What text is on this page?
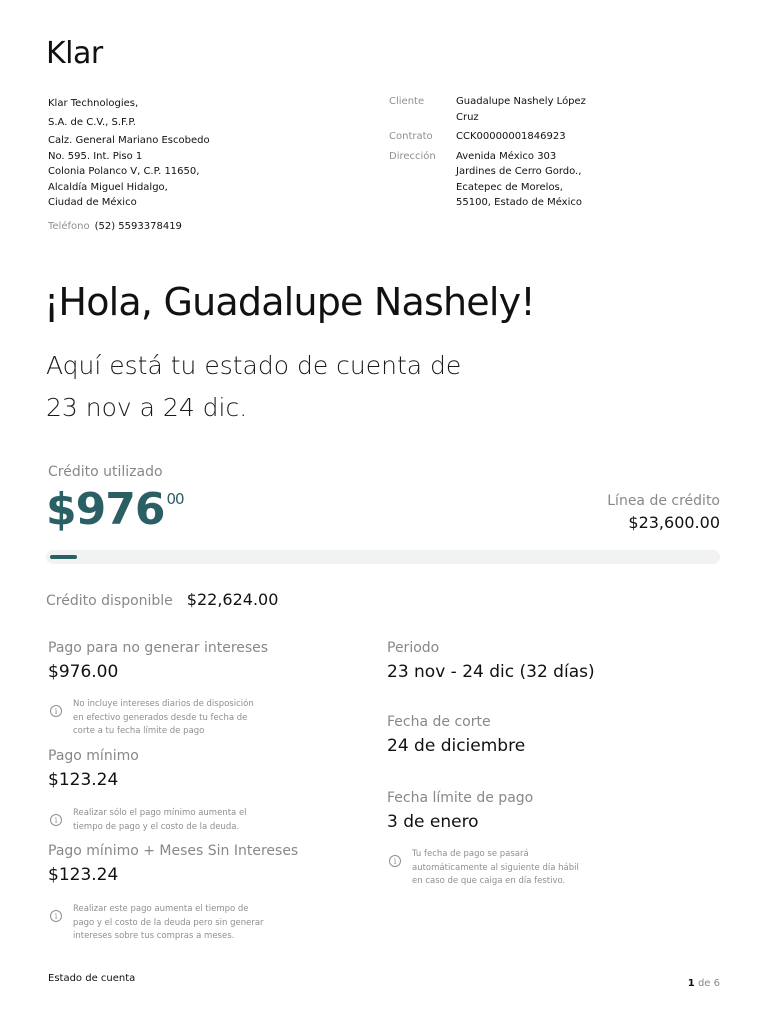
Klar
Klar Technologies,
S.A. de C.V., S.F.P.
Calz. General Mariano Escobedo
No. 595. Int. Piso 1
Colonia Polanco V, C.P. 11650,
Alcaldía Miguel Hidalgo,
Ciudad de México
Teléfono (52) 5593378419
Cliente	Guadalupe Nashely López Cruz
Contrato	CCK00000001846923
Dirección	Avenida México 303
Jardines de Cerro Gordo.,
Ecatepec de Morelos,
55100, Estado de México
¡Hola, Guadalupe Nashely!
Aquí está tu estado de cuenta de
23 nov a 24 dic.
Crédito utilizado
$976 $^{00}$	Línea de crédito
$23,600.00
Crédito disponible $22,624.00
Pago para no generar intereses
$976.00
i
No incluye intereses diarios de disposición
en efectivo generados desde tu fecha de
corte a tu fecha límite de pago
Pago mínimo
$123.24
i
Realizar sólo el pago mínimo aumenta el
tiempo de pago y el costo de la deuda.
Pago mínimo + Meses Sin Intereses
$123.24
i
Realizar este pago aumenta el tiempo de
pago y el costo de la deuda pero sin generar
intereses sobre tus compras a meses.
Periodo
23 nov - 24 dic (32 días)
Fecha de corte
24 de diciembre
Fecha límite de pago
3 de enero
i
Tu fecha de pago se pasará
automáticamente al siguiente día hábil
en caso de que caiga en día festivo.
Estado de cuenta	1 de 6
